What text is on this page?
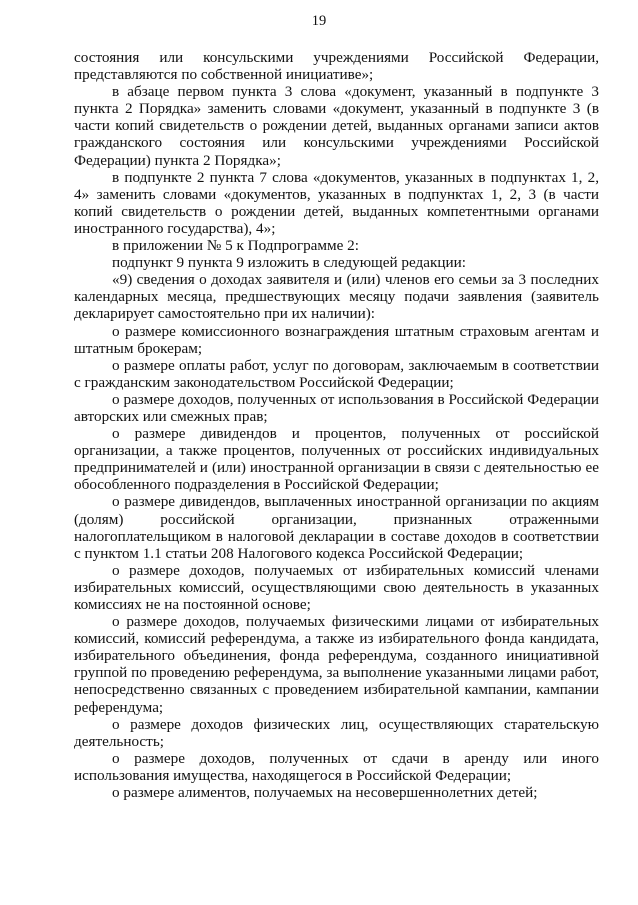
19

состояния или консульскими учреждениями Российской Федерации, представляются по собственной инициативе»;

в абзаце первом пункта 3 слова «документ, указанный в подпункте 3 пункта 2 Порядка» заменить словами «документ, указанный в подпункте 3 (в части копий свидетельств о рождении детей, выданных органами записи актов гражданского состояния или консульскими учреждениями Российской Федерации) пункта 2 Порядка»;

в подпункте 2 пункта 7 слова «документов, указанных в подпунктах 1, 2, 4» заменить словами «документов, указанных в подпунктах 1, 2, 3 (в части копий свидетельств о рождении детей, выданных компетентными органами иностранного государства), 4»;

в приложении № 5 к Подпрограмме 2:

подпункт 9 пункта 9 изложить в следующей редакции:

«9) сведения о доходах заявителя и (или) членов его семьи за 3 последних календарных месяца, предшествующих месяцу подачи заявления (заявитель декларирует самостоятельно при их наличии):

о размере комиссионного вознаграждения штатным страховым агентам и штатным брокерам;

о размере оплаты работ, услуг по договорам, заключаемым в соответствии с гражданским законодательством Российской Федерации;

о размере доходов, полученных от использования в Российской Федерации авторских или смежных прав;

о размере дивидендов и процентов, полученных от российской организации, а также процентов, полученных от российских индивидуальных предпринимателей и (или) иностранной организации в связи с деятельностью ее обособленного подразделения в Российской Федерации;

о размере дивидендов, выплаченных иностранной организации по акциям (долям) российской организации, признанных отраженными налогоплательщиком в налоговой декларации в составе доходов в соответствии с пунктом 1.1 статьи 208 Налогового кодекса Российской Федерации;

о размере доходов, получаемых от избирательных комиссий членами избирательных комиссий, осуществляющими свою деятельность в указанных комиссиях не на постоянной основе;

о размере доходов, получаемых физическими лицами от избирательных комиссий, комиссий референдума, а также из избирательного фонда кандидата, избирательного объединения, фонда референдума, созданного инициативной группой по проведению референдума, за выполнение указанными лицами работ, непосредственно связанных с проведением избирательной кампании, кампании референдума;

о размере доходов физических лиц, осуществляющих старательскую деятельность;

о размере доходов, полученных от сдачи в аренду или иного использования имущества, находящегося в Российской Федерации;

о размере алиментов, получаемых на несовершеннолетних детей;
